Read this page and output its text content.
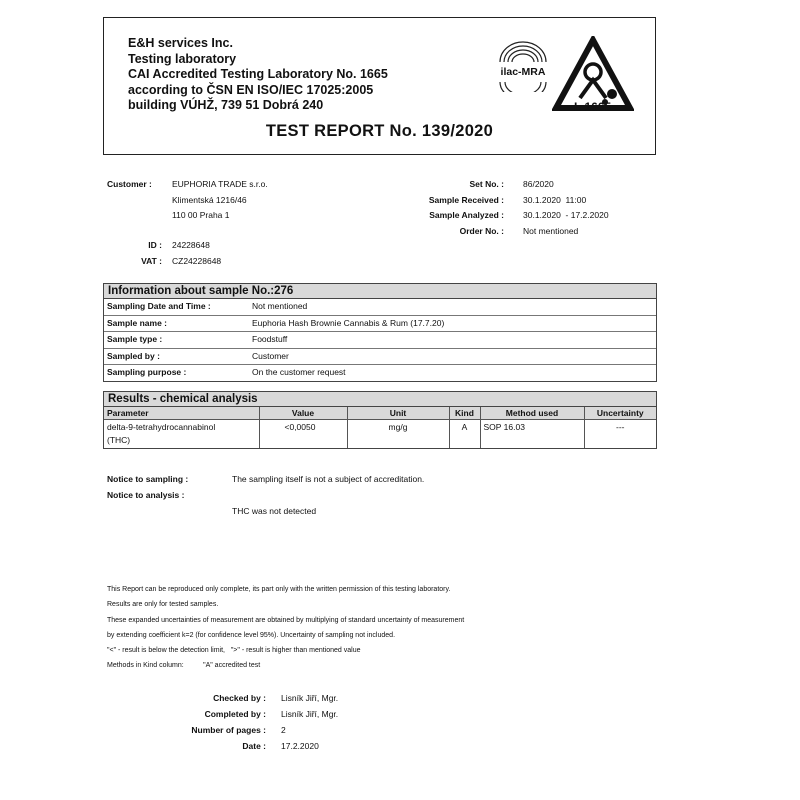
E&H services Inc.
Testing laboratory
CAI Accredited Testing Laboratory No. 1665
according to ČSN EN ISO/IEC 17025:2005
building VÚHŽ, 739 51 Dobrá 240
ilac-MRA
L 1665
TEST REPORT No. 139/2020
Customer : EUPHORIA TRADE s.r.o.
Klimentská 1216/46
110 00 Praha 1
ID : 24228648
VAT : CZ24228648
Set No. : 86/2020
Sample Received : 30.1.2020  11:00
Sample Analyzed : 30.1.2020  - 17.2.2020
Order No. : Not mentioned
Information about sample No.:276
Sampling Date and Time :	Not mentioned
Sample name :	Euphoria Hash Brownie Cannabis & Rum (17.7.20)
Sample type :	Foodstuff
Sampled by :	Customer
Sampling purpose :	On the customer request
Results - chemical analysis
Parameter	Value	Unit	Kind	Method used	Uncertainty

delta-9-tetrahydrocannabinol
(THC)	<0,0050	mg/g	A	SOP 16.03	---
Notice to sampling :	The sampling itself is not a subject of accreditation.
Notice to analysis :
THC was not detected
This Report can be reproduced only complete, its part only with the written permission of this testing laboratory.
Results are only for tested samples.
These expanded uncertainties of measurement are obtained by multiplying of standard uncertainty of measurement
by extending coefficient k=2 (for confidence level 95%). Uncertainty of sampling not included.
"<" - result is below the detection limit,   ">" - result is higher than mentioned value
Methods in Kind column:          "A" accredited test
Checked by : Lisník Jiří, Mgr.
Completed by : Lisník Jiří, Mgr.
Number of pages : 2
Date : 17.2.2020
